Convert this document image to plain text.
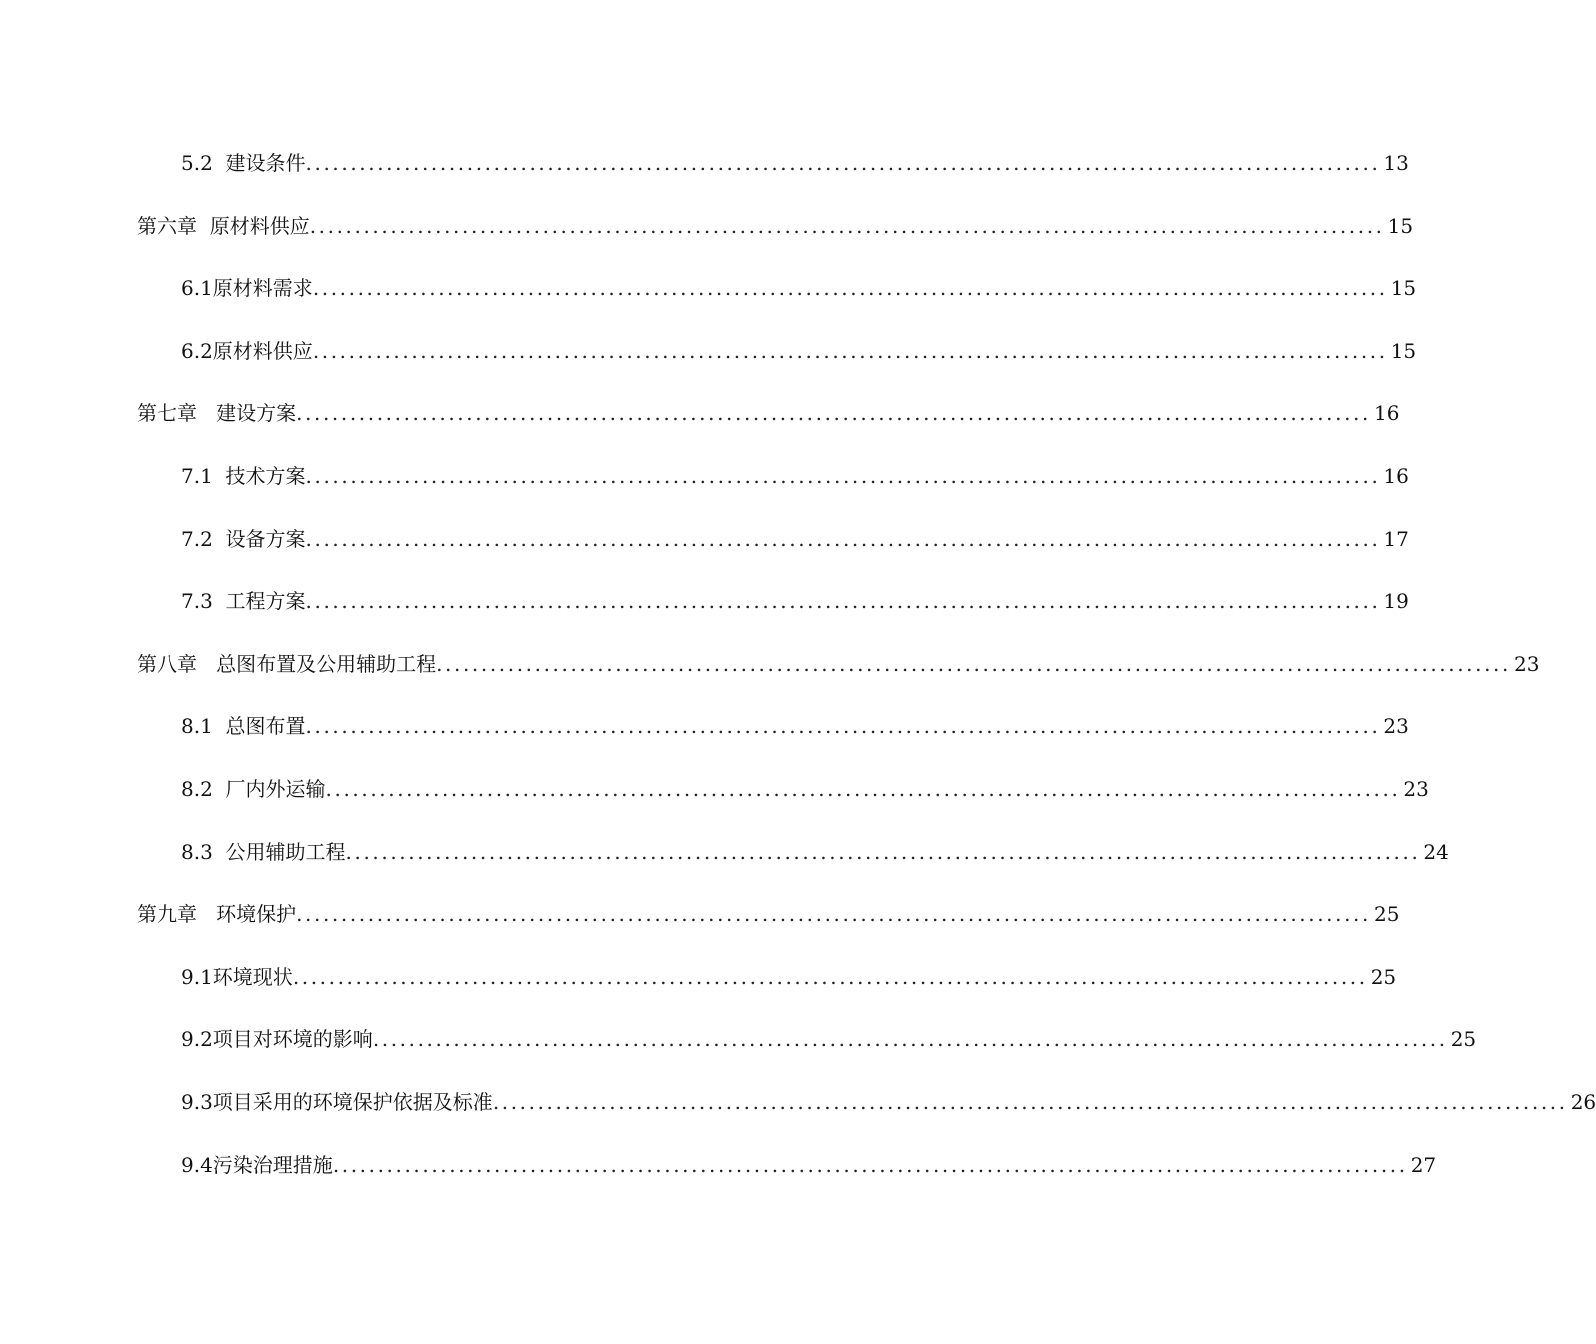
5.2  建设条件 ........................................................................................................................ 13
第六章  原材料供应 ........................................................................................................................ 15
6.1原材料需求 ........................................................................................................................ 15
6.2原材料供应 ........................................................................................................................ 15
第七章   建设方案 ........................................................................................................................ 16
7.1  技术方案 ........................................................................................................................ 16
7.2  设备方案 ........................................................................................................................ 17
7.3  工程方案 ........................................................................................................................ 19
第八章   总图布置及公用辅助工程 ........................................................................................................................ 23
8.1  总图布置 ........................................................................................................................ 23
8.2  厂内外运输 ........................................................................................................................ 23
8.3  公用辅助工程 ........................................................................................................................ 24
第九章   环境保护 ........................................................................................................................ 25
9.1环境现状 ........................................................................................................................ 25
9.2项目对环境的影响 ........................................................................................................................ 25
9.3项目采用的环境保护依据及标准 ........................................................................................................................ 26
9.4污染治理措施 ........................................................................................................................ 27
